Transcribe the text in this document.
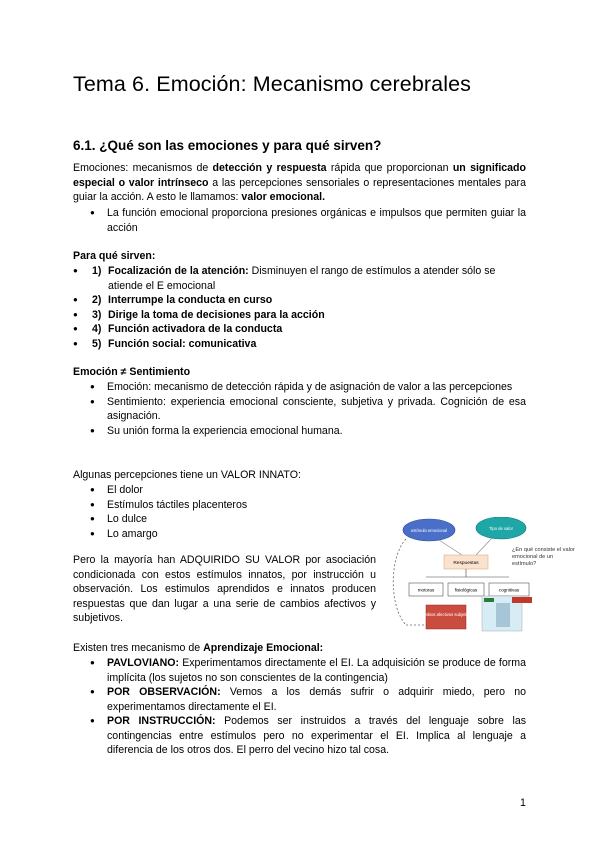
Tema 6. Emoción: Mecanismo cerebrales
6.1. ¿Qué son las emociones y para qué sirven?

Emociones: mecanismos de detección y respuesta rápida que proporcionan un significado especial o valor intrínseco a las percepciones sensoriales o representaciones mentales para guiar la acción. A esto le llamamos: valor emocional.

● La función emocional proporciona presiones orgánicas e impulsos que permiten guiar la acción

Para qué sirven:

● 1) Focalización de la atención: Disminuyen el rango de estímulos a atender sólo se atiende el E emocional
● 2) Interrumpe la conducta en curso
● 3) Dirige la toma de decisiones para la acción
● 4) Función activadora de la conducta
● 5) Función social: comunicativa

Emoción ≠ Sentimiento

● Emoción: mecanismo de detección rápida y de asignación de valor a las percepciones
● Sentimiento: experiencia emocional consciente, subjetiva y privada. Cognición de esa asignación.
● Su unión forma la experiencia emocional humana.

Algunas percepciones tiene un VALOR INNATO:

● El dolor
● Estímulos táctiles placenteros
● Lo dulce
● Lo amargo

Pero la mayoría han ADQUIRIDO SU VALOR por asociación condicionada con estos estímulos innatos, por instrucción u observación. Los estimulos aprendidos e innatos producen respuestas que dan lugar a una serie de cambios afectivos y subjetivos.

estímulo emocional	Tipo de valor
Respuestas
motoras	fisiológicas	cognitivas
Cambios afectivos subjetivos
¿En qué consiste el valor emocional de un estímulo?

Existen tres mecanismo de Aprendizaje Emocional:

● PAVLOVIANO: Experimentamos directamente el EI. La adquisición se produce de forma implícita (los sujetos no son conscientes de la contingencia)
● POR OBSERVACIÓN: Vemos a los demás sufrir o adquirir miedo, pero no experimentamos directamente el EI.
● POR INSTRUCCIÓN: Podemos ser instruidos a través del lenguaje sobre las contingencias entre estímulos pero no experimentar el EI. Implica al lenguaje a diferencia de los otros dos. El perro del vecino hizo tal cosa.
1
